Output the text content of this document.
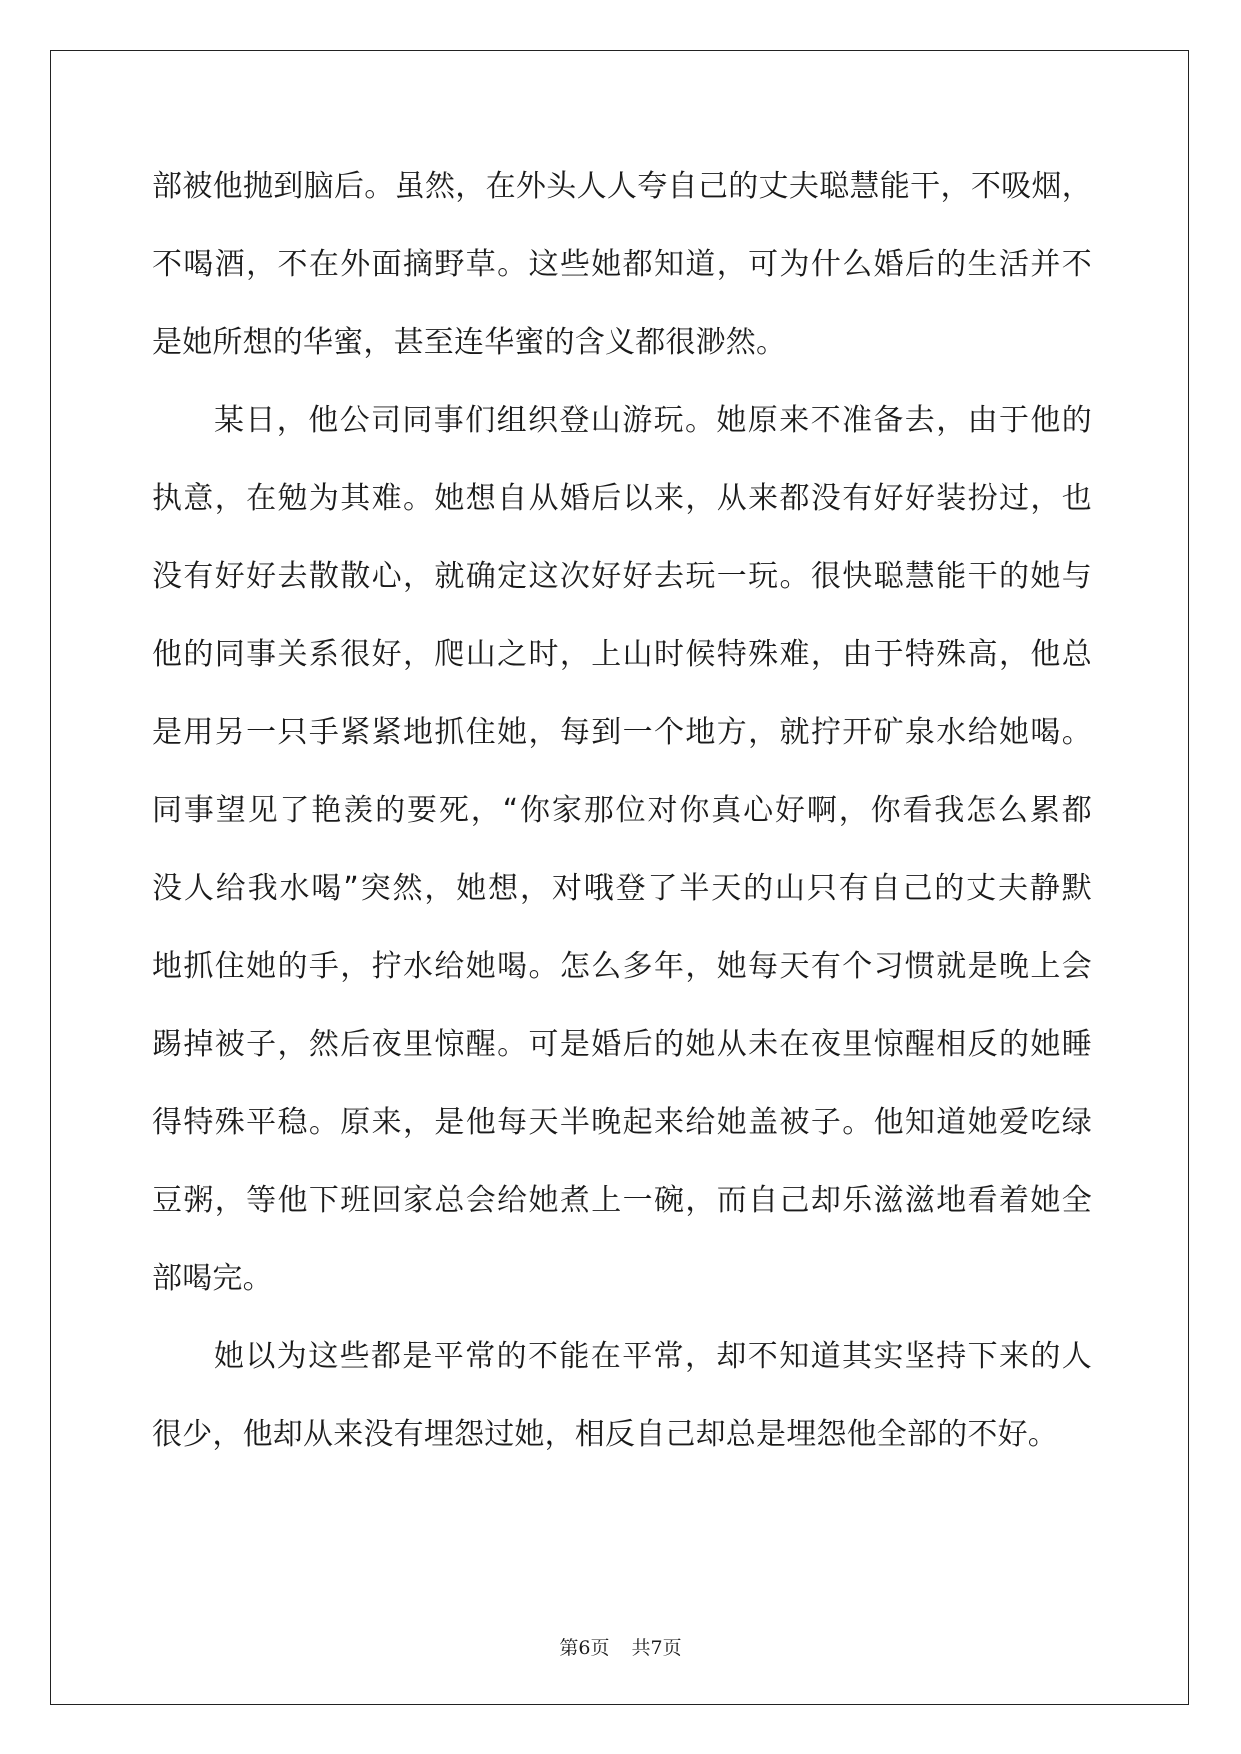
部被他抛到脑后。虽然，在外头人人夸自己的丈夫聪慧能干，不吸烟，
不喝酒，不在外面摘野草。这些她都知道，可为什么婚后的生活并不
是她所想的华蜜，甚至连华蜜的含义都很渺然。
某日，他公司同事们组织登山游玩。她原来不准备去，由于他的
执意，在勉为其难。她想自从婚后以来，从来都没有好好装扮过，也
没有好好去散散心，就确定这次好好去玩一玩。很快聪慧能干的她与
他的同事关系很好，爬山之时，上山时候特殊难，由于特殊高，他总
是用另一只手紧紧地抓住她，每到一个地方，就拧开矿泉水给她喝。
同事望见了艳羡的要死，“你家那位对你真心好啊，你看我怎么累都
没人给我水喝”突然，她想，对哦登了半天的山只有自己的丈夫静默
地抓住她的手，拧水给她喝。怎么多年，她每天有个习惯就是晚上会
踢掉被子，然后夜里惊醒。可是婚后的她从未在夜里惊醒相反的她睡
得特殊平稳。原来，是他每天半晚起来给她盖被子。他知道她爱吃绿
豆粥，等他下班回家总会给她煮上一碗，而自己却乐滋滋地看着她全
部喝完。
她以为这些都是平常的不能在平常，却不知道其实坚持下来的人
很少，他却从来没有埋怨过她，相反自己却总是埋怨他全部的不好。
第6页 共7页
